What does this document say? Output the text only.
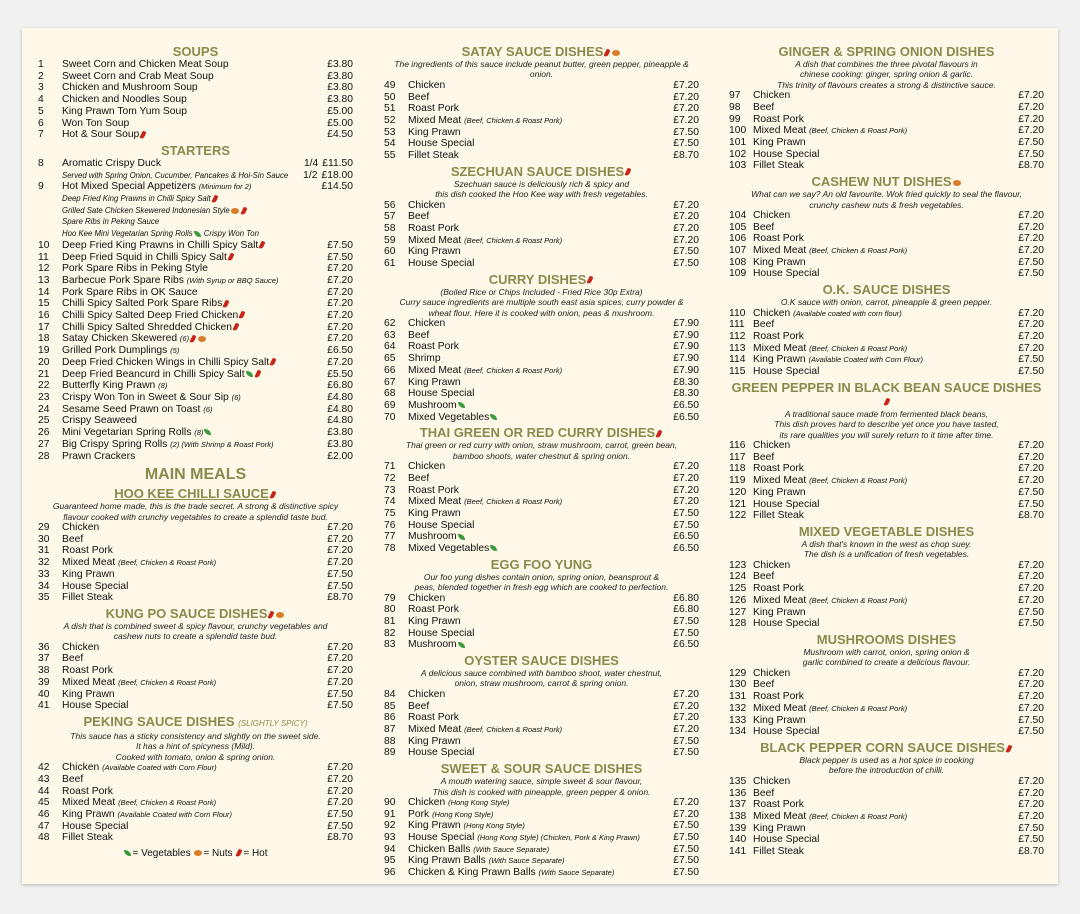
SOUPS
1	Sweet Corn and Chicken Meat Soup	£3.80
2	Sweet Corn and Crab Meat Soup	£3.80
3	Chicken and Mushroom Soup	£3.80
4	Chicken and Noodles Soup	£3.80
5	King Prawn Tom Yum Soup	£5.00
6	Won Ton Soup	£5.00
7	Hot & Sour Soup	£4.50
STARTERS
8	Aromatic Crispy Duck	1/4 £11.50
Served with Spring Onion, Cucumber, Pancakes & Hoi-Sin Sauce	1/2 £18.00
9	Hot Mixed Special Appetizers (Minimum for 2)	£14.50
Deep Fried King Prawns in Chilli Spicy Salt
Grilled Sate Chicken Skewered Indonesian Style
Spare Ribs in Peking Sauce
Hoo Kee Mini Vegetarian Spring Rolls Crispy Won Ton
10	Deep Fried King Prawns in Chilli Spicy Salt	£7.50
11	Deep Fried Squid in Chilli Spicy Salt	£7.50
12	Pork Spare Ribs in Peking Style	£7.20
13	Barbecue Pork Spare Ribs (With Syrup or BBQ Sauce)	£7.20
14	Pork Spare Ribs in OK Sauce	£7.20
15	Chilli Spicy Salted Pork Spare Ribs	£7.20
16	Chilli Spicy Salted Deep Fried Chicken	£7.20
17	Chilli Spicy Salted Shredded Chicken	£7.20
18	Satay Chicken Skewered (6)	£7.20
19	Grilled Pork Dumplings (5)	£6.50
20	Deep Fried Chicken Wings in Chilli Spicy Salt	£7.20
21	Deep Fried Beancurd in Chilli Spicy Salt	£5.50
22	Butterfly King Prawn (8)	£6.80
23	Crispy Won Ton in Sweet & Sour Sip (6)	£4.80
24	Sesame Seed Prawn on Toast (6)	£4.80
25	Crispy Seaweed	£4.80
26	Mini Vegetarian Spring Rolls (8)	£3.80
27	Big Crispy Spring Rolls (2) (With Shrimp & Roast Pork)	£3.80
28	Prawn Crackers	£2.00
MAIN MEALS
HOO KEE CHILLI SAUCE
Guaranteed home made, this is the trade secret. A strong & distinctive spicy
flavour cooked with crunchy vegetables to create a splendid taste bud.
29	Chicken	£7.20
30	Beef	£7.20
31	Roast Pork	£7.20
32	Mixed Meat (Beef, Chicken & Roast Pork)	£7.20
33	King Prawn	£7.50
34	House Special	£7.50
35	Fillet Steak	£8.70
KUNG PO SAUCE DISHES
A dish that is combined sweet & spicy flavour, crunchy vegetables and
cashew nuts to create a splendid taste bud.
36	Chicken	£7.20
37	Beef	£7.20
38	Roast Pork	£7.20
39	Mixed Meat (Beef, Chicken & Roast Pork)	£7.20
40	King Prawn	£7.50
41	House Special	£7.50
PEKING SAUCE DISHES (SLIGHTLY SPICY)
This sauce has a sticky consistency and slightly on the sweet side.
It has a hint of spicyness (Mild).
Cooked with tomato, onion & spring onion.
42	Chicken (Available Coated with Corn Flour)	£7.20
43	Beef	£7.20
44	Roast Pork	£7.20
45	Mixed Meat (Beef, Chicken & Roast Pork)	£7.20
46	King Prawn (Available Coated with Corn Flour)	£7.50
47	House Special	£7.50
48	Fillet Steak	£8.70
= Vegetables = Nuts = Hot
SATAY SAUCE DISHES
The ingredients of this sauce include peanut butter, green pepper, pineapple & onion.
49	Chicken	£7.20
50	Beef	£7.20
51	Roast Pork	£7.20
52	Mixed Meat (Beef, Chicken & Roast Pork)	£7.20
53	King Prawn	£7.50
54	House Special	£7.50
55	Fillet Steak	£8.70
SZECHUAN SAUCE DISHES
Szechuan sauce is deliciously rich & spicy and
this dish cooked the Hoo Kee way with fresh vegetables.
56	Chicken	£7.20
57	Beef	£7.20
58	Roast Pork	£7.20
59	Mixed Meat (Beef, Chicken & Roast Pork)	£7.20
60	King Prawn	£7.50
61	House Special	£7.50
CURRY DISHES
(Boiled Rice or Chips Included - Fried Rice 30p Extra)
Curry sauce ingredients are multiple south east asia spices, curry powder &
wheat flour. Here it is cooked with onion, peas & mushroom.
62	Chicken	£7.90
63	Beef	£7.90
64	Roast Pork	£7.90
65	Shrimp	£7.90
66	Mixed Meat (Beef, Chicken & Roast Pork)	£7.90
67	King Prawn	£8.30
68	House Special	£8.30
69	Mushroom	£6.50
70	Mixed Vegetables	£6.50
THAI GREEN OR RED CURRY DISHES
Thai green or red curry with onion, straw mushroom, carrot, green bean,
bamboo shoots, water chestnut & spring onion.
71	Chicken	£7.20
72	Beef	£7.20
73	Roast Pork	£7.20
74	Mixed Meat (Beef, Chicken & Roast Pork)	£7.20
75	King Prawn	£7.50
76	House Special	£7.50
77	Mushroom	£6.50
78	Mixed Vegetables	£6.50
EGG FOO YUNG
Our foo yung dishes contain onion, spring onion, beansprout &
peas, blended together in fresh egg which are cooked to perfection.
79	Chicken	£6.80
80	Roast Pork	£6.80
81	King Prawn	£7.50
82	House Special	£7.50
83	Mushroom	£6.50
OYSTER SAUCE DISHES
A delicious sauce combined with bamboo shoot, water chestnut,
onion, straw mushroom, carrot & spring onion.
84	Chicken	£7.20
85	Beef	£7.20
86	Roast Pork	£7.20
87	Mixed Meat (Beef, Chicken & Roast Pork)	£7.20
88	King Prawn	£7.50
89	House Special	£7.50
SWEET & SOUR SAUCE DISHES
A mouth watering sauce, simple sweet & sour flavour,
This dish is cooked with pineapple, green pepper & onion.
90	Chicken (Hong Kong Style)	£7.20
91	Pork (Hong Kong Style)	£7.20
92	King Prawn (Hong Kong Style)	£7.50
93	House Special (Hong Kong Style) (Chicken, Pork & King Prawn)	£7.50
94	Chicken Balls (With Sauce Separate)	£7.50
95	King Prawn Balls (With Sauce Separate)	£7.50
96	Chicken & King Prawn Balls (With Sauce Separate)	£7.50
GINGER & SPRING ONION DISHES
A dish that combines the three pivotal flavours in
chinese cooking: ginger, spring onion & garlic.
This trinity of flavours creates a strong & distinctive sauce.
97	Chicken	£7.20
98	Beef	£7.20
99	Roast Pork	£7.20
100 Mixed Meat (Beef, Chicken & Roast Pork)	£7.20
101 King Prawn	£7.50
102 House Special	£7.50
103 Fillet Steak	£8.70
CASHEW NUT DISHES
What can we say? An old favourite. Wok fried quickly to seal the flavour,
crunchy cashew nuts & fresh vegetables.
104 Chicken	£7.20
105 Beef	£7.20
106 Roast Pork	£7.20
107 Mixed Meat (Beef, Chicken & Roast Pork)	£7.20
108 King Prawn	£7.50
109 House Special	£7.50
O.K. SAUCE DISHES
O.K sauce with onion, carrot, pineapple & green pepper.
110 Chicken (Available coated with corn flour)	£7.20
111 Beef	£7.20
112 Roast Pork	£7.20
113 Mixed Meat (Beef, Chicken & Roast Pork)	£7.20
114 King Prawn (Available Coated with Corn Flour)	£7.50
115 House Special	£7.50
GREEN PEPPER IN BLACK BEAN SAUCE DISHES
A traditional sauce made from fermented black beans,
This dish proves hard to describe yet once you have tasted,
its rare qualities you will surely return to it time after time.
116 Chicken	£7.20
117 Beef	£7.20
118 Roast Pork	£7.20
119 Mixed Meat (Beef, Chicken & Roast Pork)	£7.20
120 King Prawn	£7.50
121 House Special	£7.50
122 Fillet Steak	£8.70
MIXED VEGETABLE DISHES
A dish that's known in the west as chop suey.
The dish is a unification of fresh vegetables.
123 Chicken	£7.20
124 Beef	£7.20
125 Roast Pork	£7.20
126 Mixed Meat (Beef, Chicken & Roast Pork)	£7.20
127 King Prawn	£7.50
128 House Special	£7.50
MUSHROOMS DISHES
Mushroom with carrot, onion, spring onion &
garlic combined to create a delicious flavour.
129 Chicken	£7.20
130 Beef	£7.20
131 Roast Pork	£7.20
132 Mixed Meat (Beef, Chicken & Roast Pork)	£7.20
133 King Prawn	£7.50
134 House Special	£7.50
BLACK PEPPER CORN SAUCE DISHES
Black pepper is used as a hot spice in cooking
before the introduction of chilli.
135 Chicken	£7.20
136 Beef	£7.20
137 Roast Pork	£7.20
138 Mixed Meat (Beef, Chicken & Roast Pork)	£7.20
139 King Prawn	£7.50
140 House Special	£7.50
141 Fillet Steak	£8.70
